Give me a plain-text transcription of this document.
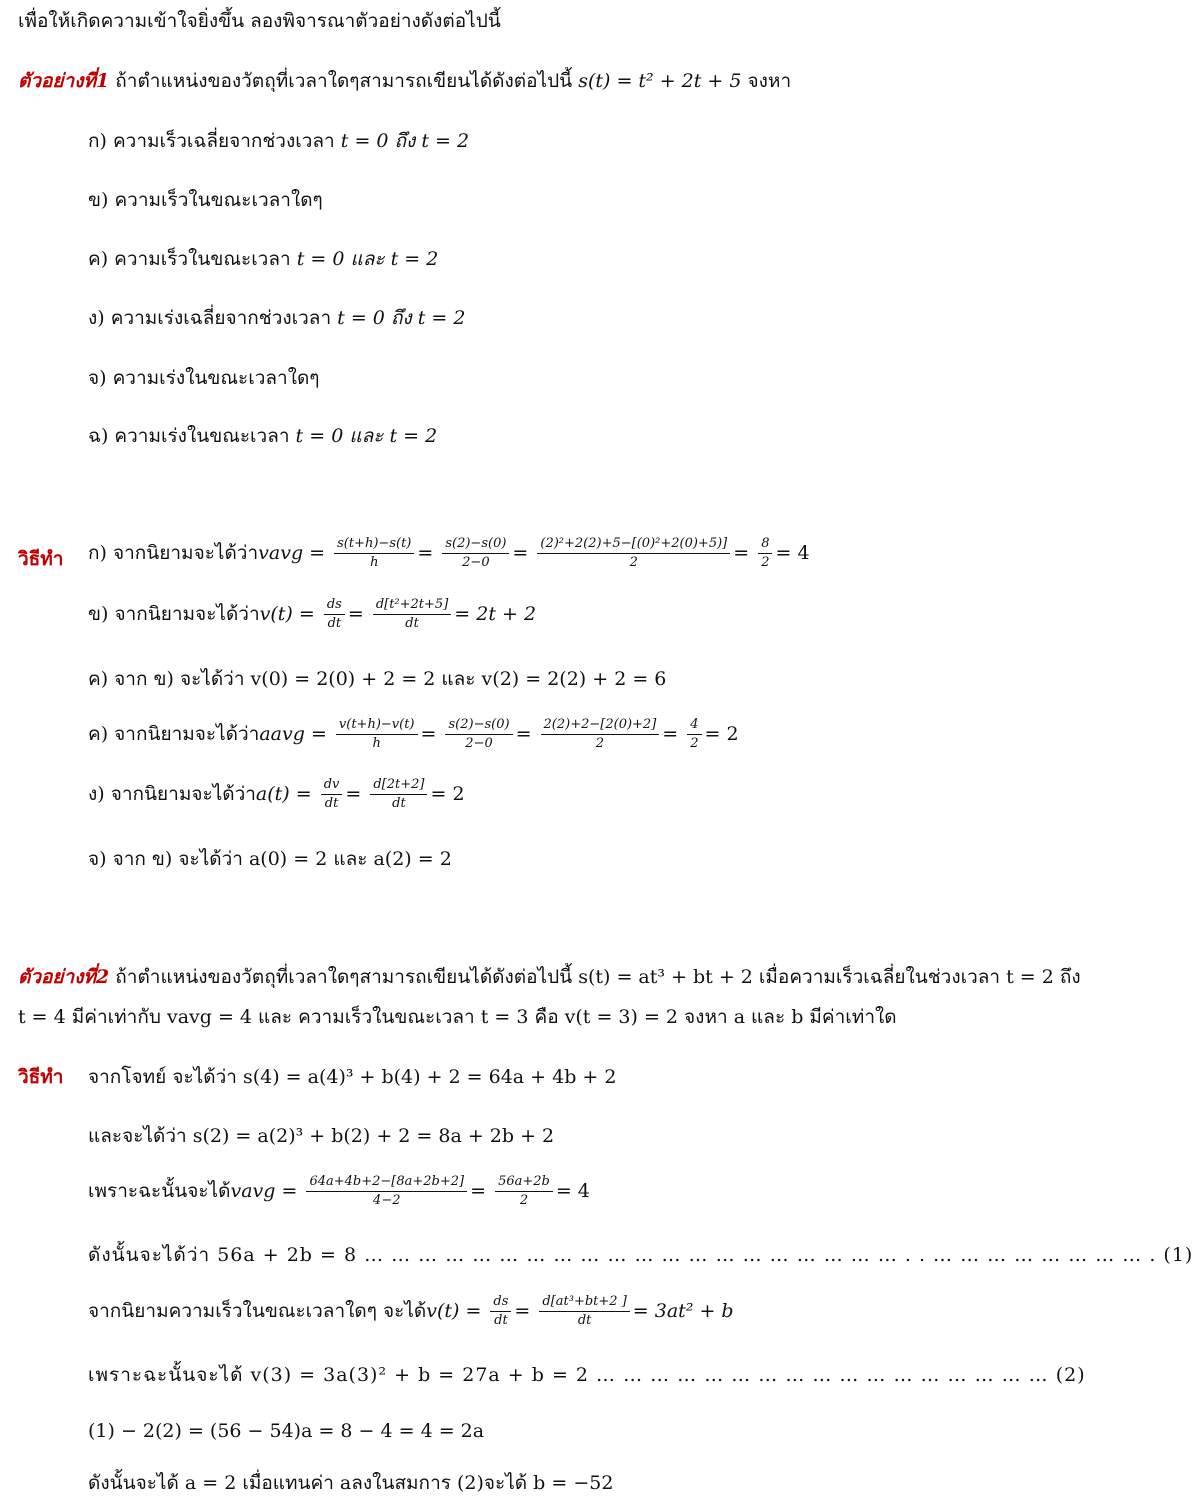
เพื่อให้เกิดความเข้าใจยิ่งขึ้น ลองพิจารณาตัวอย่างดังต่อไปนี้
ตัวอย่างที่1 ถ้าตำแหน่งของวัตถุที่เวลาใดๆสามารถเขียนได้ดังต่อไปนี้ s(t) = t² + 2t + 5 จงหา
ก) ความเร็วเฉลี่ยจากช่วงเวลา t = 0 ถึง t = 2
ข) ความเร็วในขณะเวลาใดๆ
ค) ความเร็วในขณะเวลา t = 0 และ t = 2
ง) ความเร่งเฉลี่ยจากช่วงเวลา t = 0 ถึง t = 2
จ) ความเร่งในขณะเวลาใดๆ
ฉ) ความเร่งในขณะเวลา t = 0 และ t = 2
วิธีทำ ก) จากนิยามจะได้ว่าvavg = $\frac{s(t+h)-s(t)}{h} = \frac{s(2)-s(0)}{2-0} = \frac{\text{(2)²+2(2)+5−[(0)²+2(0)+5)]}}{2} = \frac{8}{2} = 4$
ข) จากนิยามจะได้ว่า$v(t) = \frac{ds}{dt} = \frac{\text{d[t²+2t+5]}}{dt} = 2t + 2$
ค) จาก ข) จะได้ว่า v(0) = 2(0) + 2 = 2 และ v(2) = 2(2) + 2 = 6
ค) จากนิยามจะได้ว่าaavg = $\frac{v(t+h)-v(t)}{h} = \frac{s(2)-s(0)}{2-0} = \frac{2(2)+2-[2(0)+2]}{2} = \frac{4}{2} = 2$
ง) จากนิยามจะได้ว่า$a(t) = \frac{dv}{dt} = \frac{d[2t+2]}{dt} = 2$
จ) จาก ข) จะได้ว่า a(0) = 2 และ a(2) = 2
ตัวอย่างที่2 ถ้าตำแหน่งของวัตถุที่เวลาใดๆสามารถเขียนได้ดังต่อไปนี้ s(t) = at³ + bt + 2 เมื่อความเร็วเฉลี่ยในช่วงเวลา t = 2 ถึง
t = 4 มีค่าเท่ากับ vavg = 4 และ ความเร็วในขณะเวลา t = 3 คือ v(t = 3) = 2 จงหา a และ b มีค่าเท่าใด
วิธีทำ จากโจทย์ จะได้ว่า s(4) = a(4)³ + b(4) + 2 = 64a + 4b + 2
และจะได้ว่า s(2) = a(2)³ + b(2) + 2 = 8a + 2b + 2
เพราะฉะนั้นจะได้vavg = $\frac{64a+4b+2-[8a+2b+2]}{4-2} = \frac{56a+2b}{2} = 4$
ดังนั้นจะได้ว่า 56a + 2b = 8 … … … … … … … … … … … … … … … … … … … … . . … … … … … … … … . (1)
จากนิยามความเร็วในขณะเวลาใดๆ จะได้$v(t) = \frac{ds}{dt} = \frac{\text{d[at³+bt+2 ]}}{dt} = 3at^2 + b$
เพราะฉะนั้นจะได้ v(3) = 3a(3)² + b = 27a + b = 2 … … … … … … … … … … … … … … … … … (2)
(1) − 2(2) = (56 − 54)a = 8 − 4 = 4 = 2a
ดังนั้นจะได้ a = 2 เมื่อแทนค่า aลงในสมการ (2)จะได้ b = −52
